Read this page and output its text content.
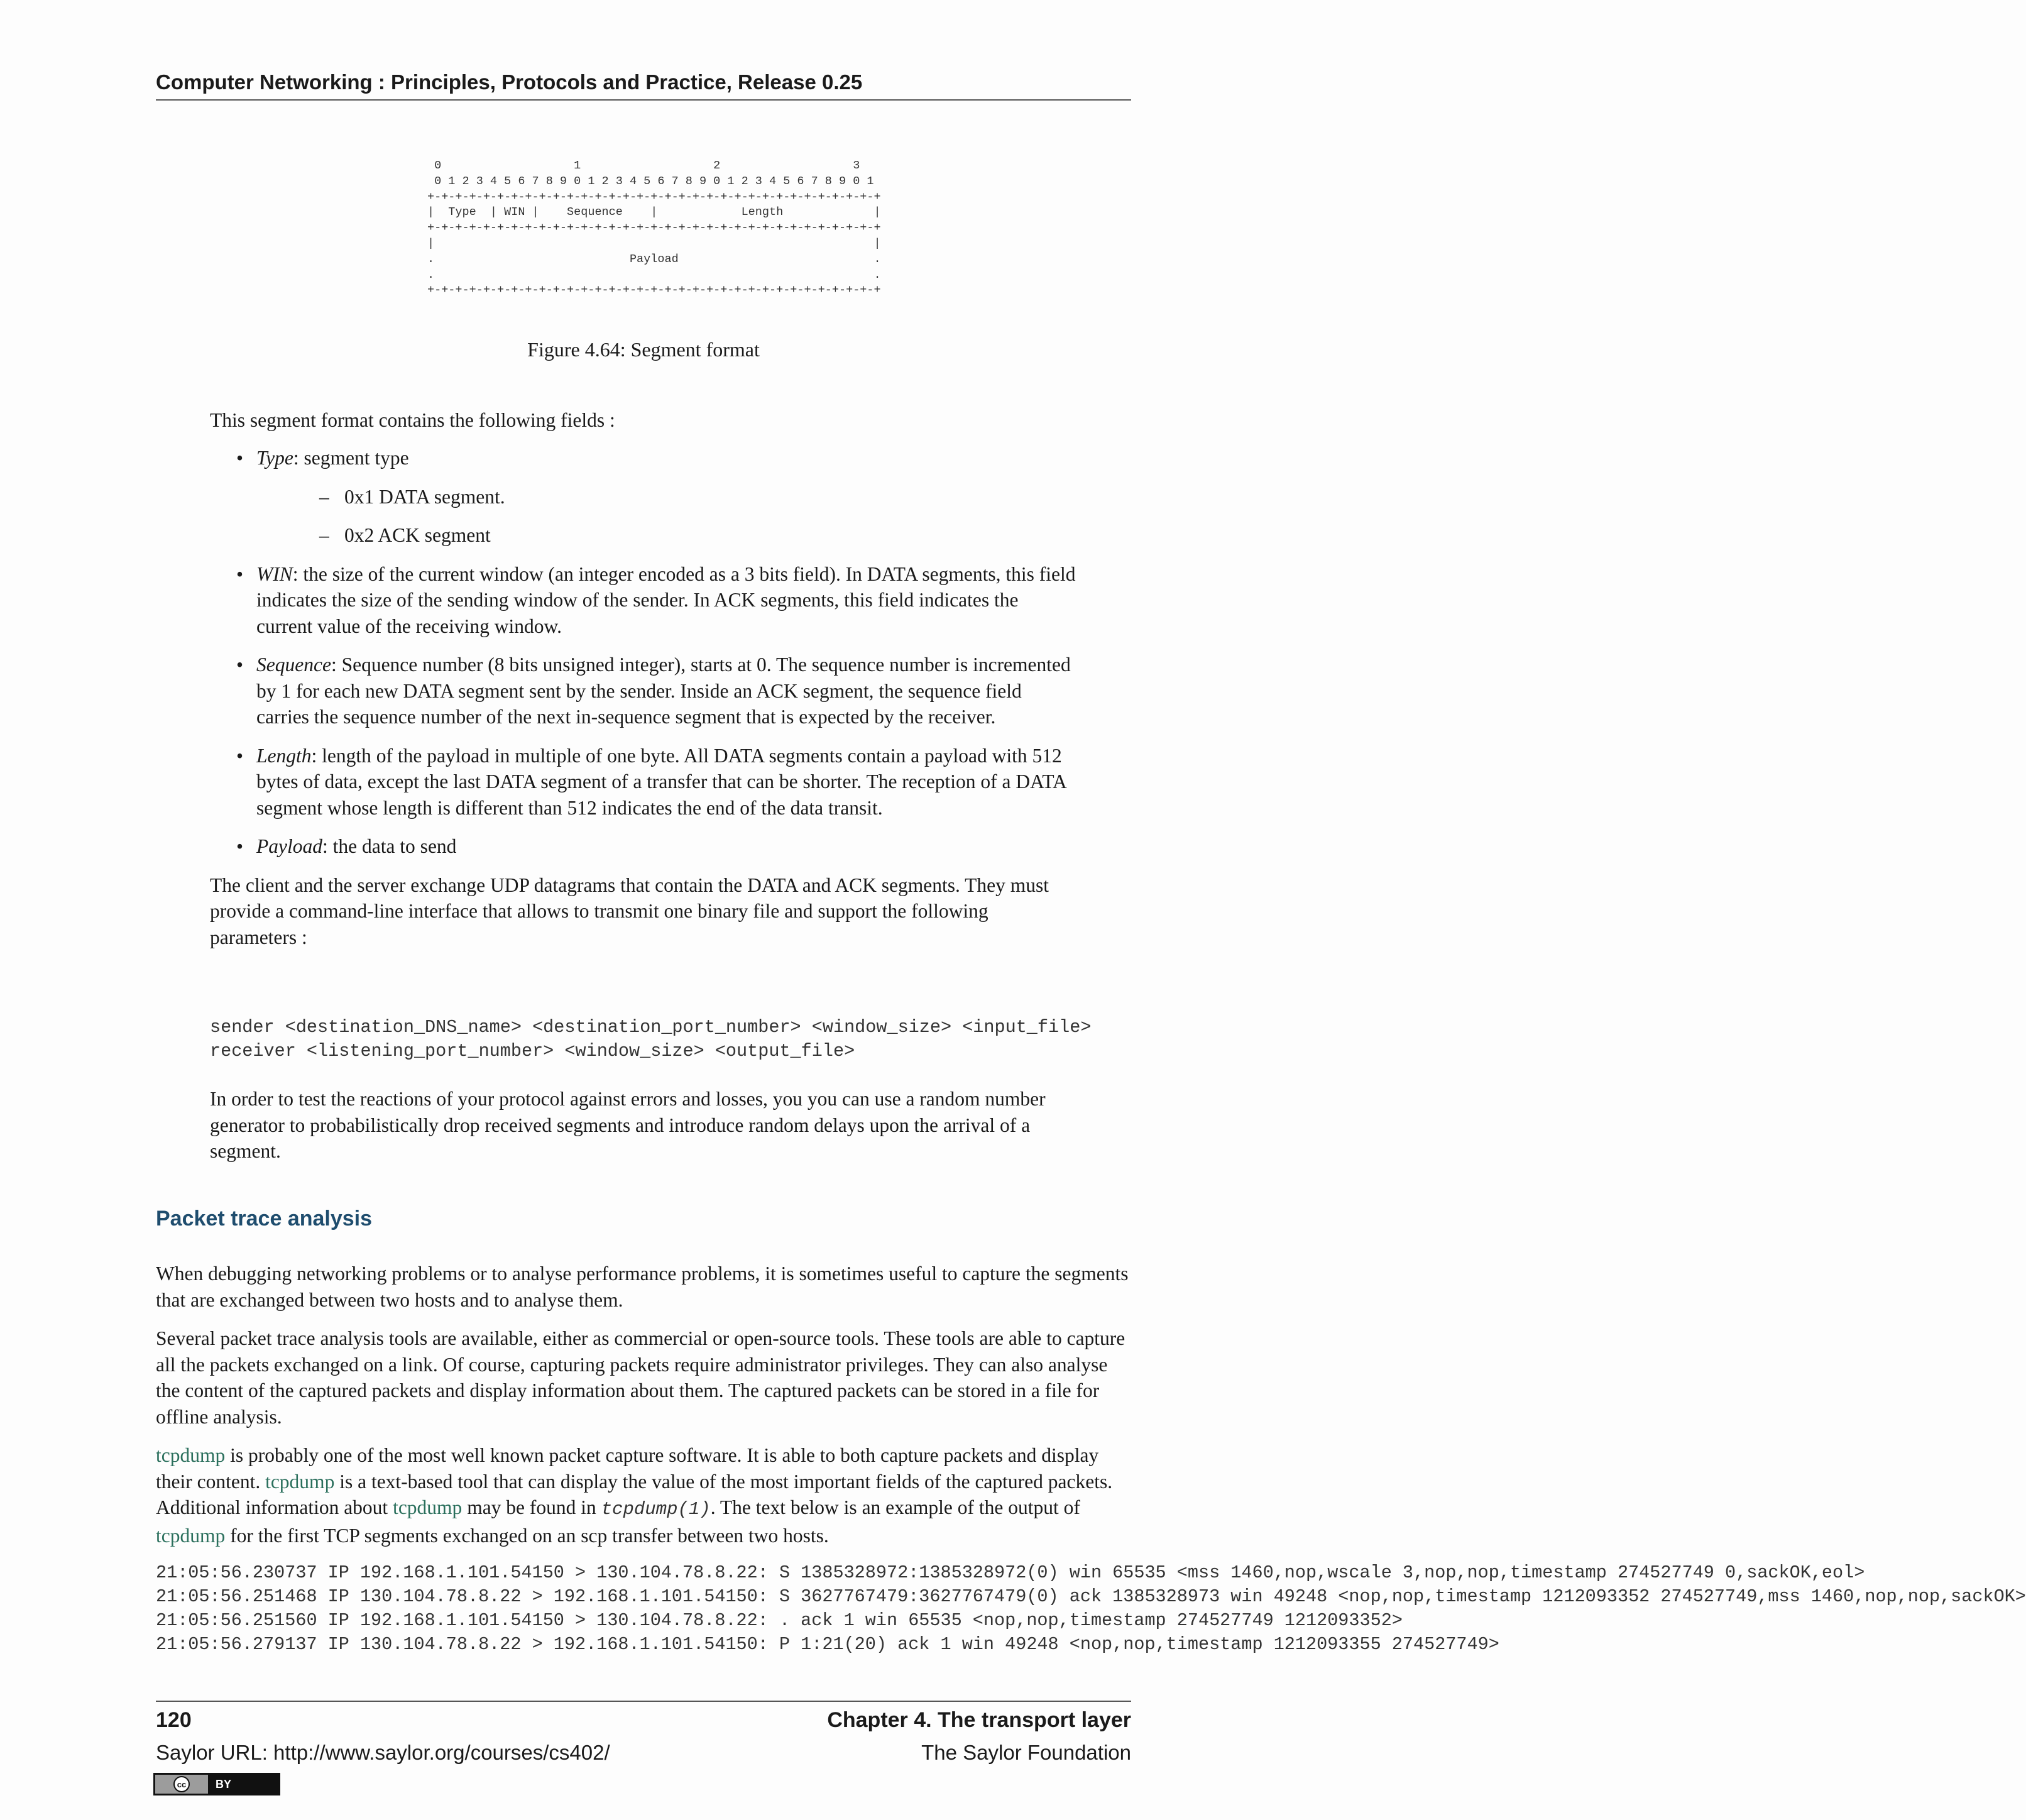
Computer Networking : Principles, Protocols and Practice, Release 0.25
0                   1                   2                   3
0 1 2 3 4 5 6 7 8 9 0 1 2 3 4 5 6 7 8 9 0 1 2 3 4 5 6 7 8 9 0 1
+-+-+-+-+-+-+-+-+-+-+-+-+-+-+-+-+-+-+-+-+-+-+-+-+-+-+-+-+-+-+-+-+
|  Type  | WIN |    Sequence    |            Length             |
+-+-+-+-+-+-+-+-+-+-+-+-+-+-+-+-+-+-+-+-+-+-+-+-+-+-+-+-+-+-+-+-+
|                                                               |
.                            Payload                            .
.                                                               .
+-+-+-+-+-+-+-+-+-+-+-+-+-+-+-+-+-+-+-+-+-+-+-+-+-+-+-+-+-+-+-+-+
Figure 4.64: Segment format

This segment format contains the following fields :

• Type: segment type

– 0x1 DATA segment.
– 0x2 ACK segment
• WIN: the size of the current window (an integer encoded as a 3 bits field). In DATA segments, this field indicates the size of the sending window of the sender. In ACK segments, this field indicates the current value of the receiving window.

• Sequence: Sequence number (8 bits unsigned integer), starts at 0. The sequence number is incremented by 1 for each new DATA segment sent by the sender. Inside an ACK segment, the sequence field carries the sequence number of the next in-sequence segment that is expected by the receiver.

• Length: length of the payload in multiple of one byte. All DATA segments contain a payload with 512 bytes of data, except the last DATA segment of a transfer that can be shorter. The reception of a DATA segment whose length is different than 512 indicates the end of the data transit.

• Payload: the data to send

The client and the server exchange UDP datagrams that contain the DATA and ACK segments. They must provide a command-line interface that allows to transmit one binary file and support the following parameters :

sender <destination_DNS_name> <destination_port_number> <window_size> <input_file>
receiver <listening_port_number> <window_size> <output_file>

In order to test the reactions of your protocol against errors and losses, you you can use a random number generator to probabilistically drop received segments and introduce random delays upon the arrival of a segment.

Packet trace analysis

When debugging networking problems or to analyse performance problems, it is sometimes useful to capture the segments that are exchanged between two hosts and to analyse them.

Several packet trace analysis tools are available, either as commercial or open-source tools. These tools are able to capture all the packets exchanged on a link. Of course, capturing packets require administrator privileges. They can also analyse the content of the captured packets and display information about them. The captured packets can be stored in a file for offline analysis.

tcpdump is probably one of the most well known packet capture software. It is able to both capture packets and display their content. tcpdump is a text-based tool that can display the value of the most important fields of the captured packets. Additional information about tcpdump may be found in tcpdump(1). The text below is an example of the output of tcpdump for the first TCP segments exchanged on an scp transfer between two hosts.

21:05:56.230737 IP 192.168.1.101.54150 > 130.104.78.8.22: S 1385328972:1385328972(0) win 65535 <mss 1460,nop,wscale 3,nop,nop,timestamp 274527749 0,sackOK,eol>
21:05:56.251468 IP 130.104.78.8.22 > 192.168.1.101.54150: S 3627767479:3627767479(0) ack 1385328973 win 49248 <nop,nop,timestamp 1212093352 274527749,mss 1460,nop,nop,sackOK>
21:05:56.251560 IP 192.168.1.101.54150 > 130.104.78.8.22: . ack 1 win 65535 <nop,nop,timestamp 274527749 1212093352>
21:05:56.279137 IP 130.104.78.8.22 > 192.168.1.101.54150: P 1:21(20) ack 1 win 49248 <nop,nop,timestamp 1212093355 274527749>
120	Chapter 4. The transport layer
Saylor URL: http://www.saylor.org/courses/cs402/	The Saylor Foundation
cc	BY
